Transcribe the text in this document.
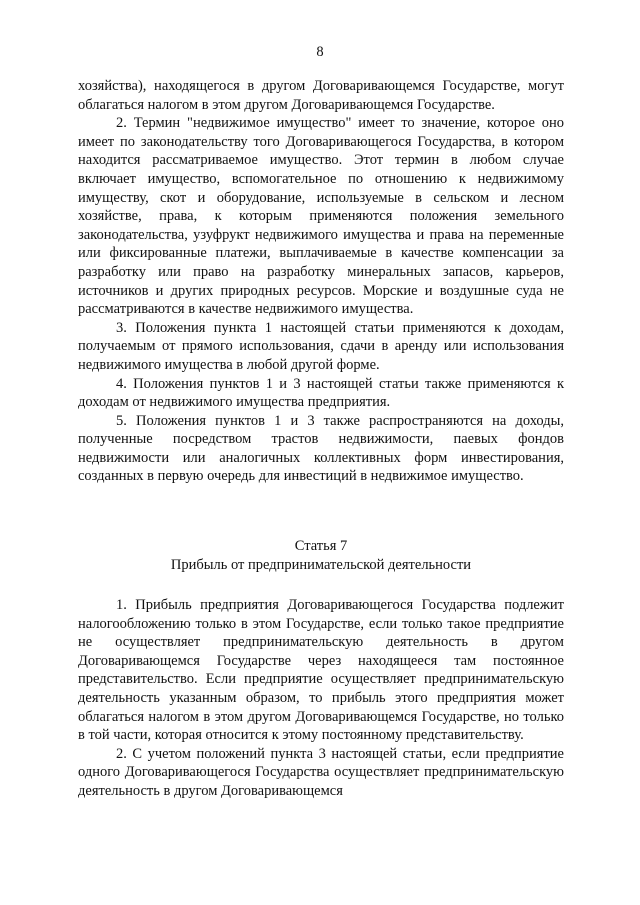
8

хозяйства), находящегося в другом Договаривающемся Государстве, могут облагаться налогом в этом другом Договаривающемся Государстве.

2. Термин "недвижимое имущество" имеет то значение, которое оно имеет по законодательству того Договаривающегося Государства, в котором находится рассматриваемое имущество. Этот термин в любом случае включает имущество, вспомогательное по отношению к недвижимому имуществу, скот и оборудование, используемые в сельском и лесном хозяйстве, права, к которым применяются положения земельного законодательства, узуфрукт недвижимого имущества и права на переменные или фиксированные платежи, выплачиваемые в качестве компенсации за разработку или право на разработку минеральных запасов, карьеров, источников и других природных ресурсов. Морские и воздушные суда не рассматриваются в качестве недвижимого имущества.

3. Положения пункта 1 настоящей статьи применяются к доходам, получаемым от прямого использования, сдачи в аренду или использования недвижимого имущества в любой другой форме.

4. Положения пунктов 1 и 3 настоящей статьи также применяются к доходам от недвижимого имущества предприятия.

5. Положения пунктов 1 и 3 также распространяются на доходы, полученные посредством трастов недвижимости, паевых фондов недвижимости или аналогичных коллективных форм инвестирования, созданных в первую очередь для инвестиций в недвижимое имущество.

Статья 7
Прибыль от предпринимательской деятельности

1. Прибыль предприятия Договаривающегося Государства подлежит налогообложению только в этом Государстве, если только такое предприятие не осуществляет предпринимательскую деятельность в другом Договаривающемся Государстве через находящееся там постоянное представительство. Если предприятие осуществляет предпринимательскую деятельность указанным образом, то прибыль этого предприятия может облагаться налогом в этом другом Договаривающемся Государстве, но только в той части, которая относится к этому постоянному представительству.

2. С учетом положений пункта 3 настоящей статьи, если предприятие одного Договаривающегося Государства осуществляет предпринимательскую деятельность в другом Договаривающемся
